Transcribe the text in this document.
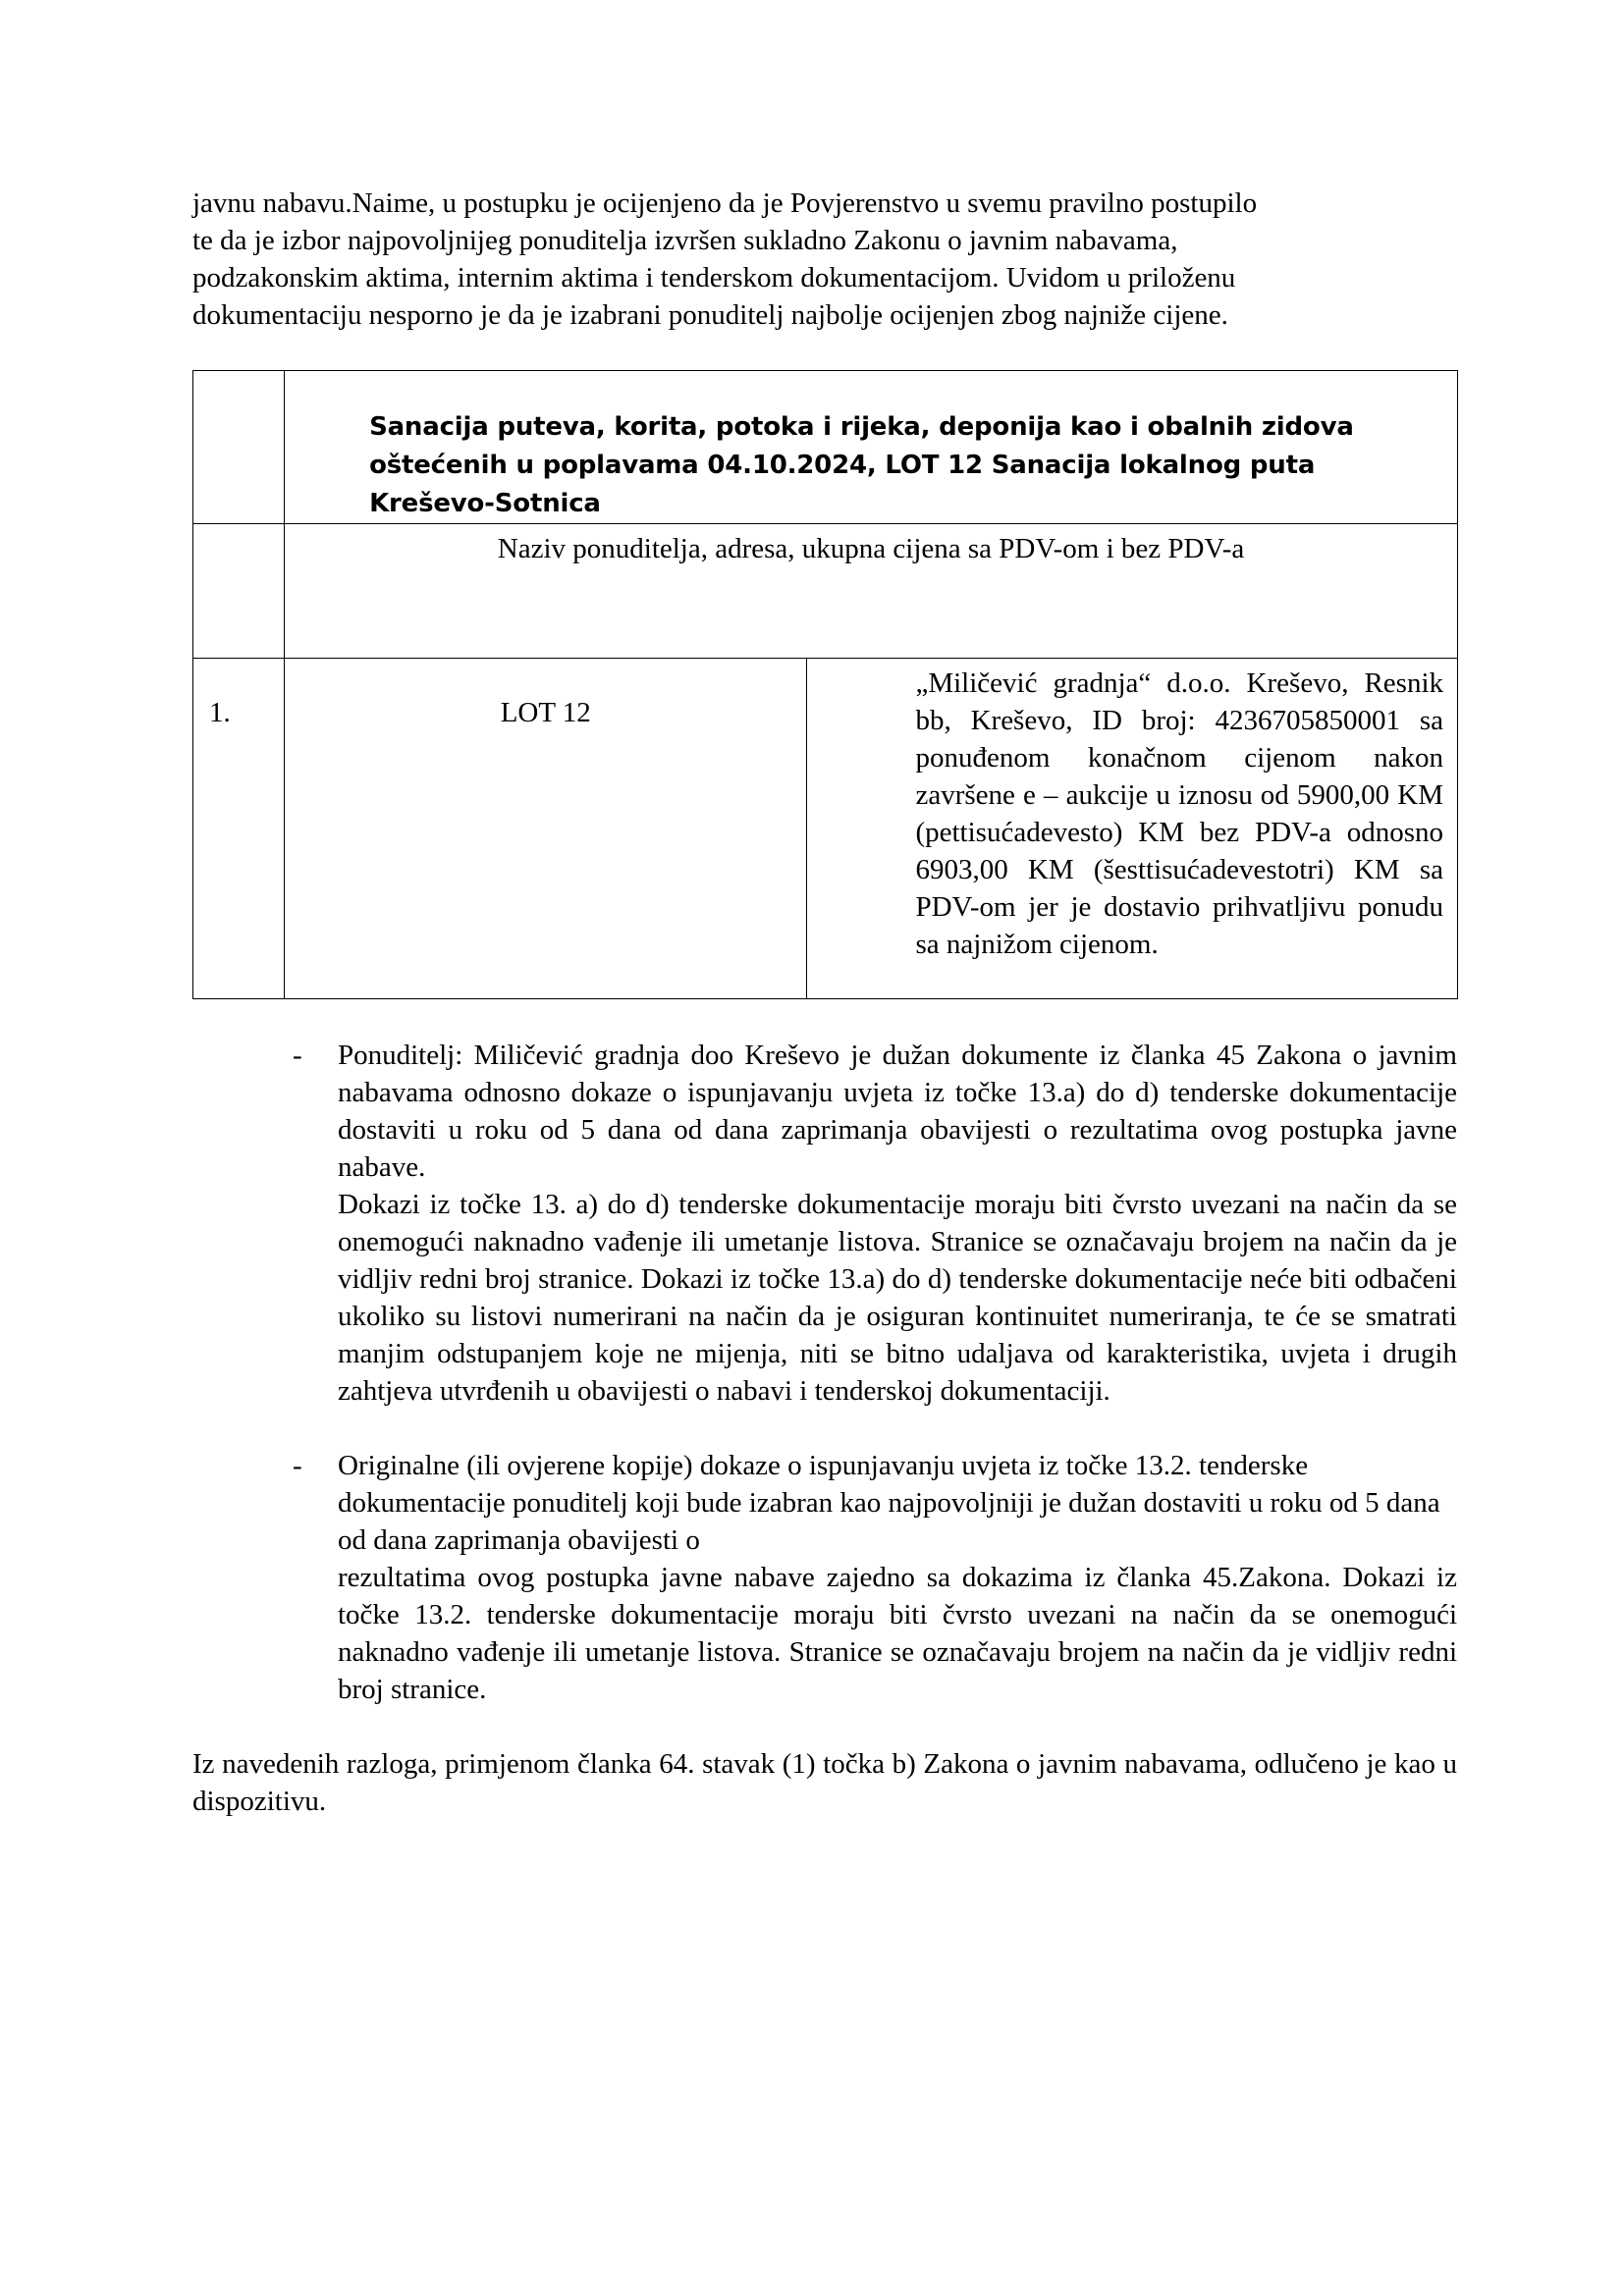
javnu nabavu.Naime, u postupku je ocijenjeno da je Povjerenstvo u svemu pravilno postupilo

te da je izbor najpovoljnijeg ponuditelja izvršen sukladno Zakonu o javnim nabavama,

podzakonskim aktima, internim aktima i tenderskom dokumentacijom. Uvidom u priloženu

dokumentaciju nesporno je da je izabrani ponuditelj najbolje ocijenjen zbog najniže cijene.

	Sanacija puteva, korita, potoka i rijeka, deponija kao i obalnih zidova oštećenih u poplavama 04.10.2024, LOT 12 Sanacija lokalnog puta Kreševo-Sotnica	

	Naziv ponuditelja, adresa, ukupna cijena sa PDV-om i bez PDV-a	
1.	LOT 12	„Miličević gradnja“ d.o.o. Kreševo, Resnik bb, Kreševo, ID broj: 4236705850001 sa ponuđenom konačnom cijenom nakon završene e – aukcije u iznosu od 5900,00 KM (pettisućadevesto) KM bez PDV-a odnosno 6903,00 KM (šesttisućadevestotri) KM sa PDV-om jer je dostavio prihvatljivu ponudu sa najnižom cijenom.
- Ponuditelj: Miličević gradnja doo Kreševo je dužan dokumente iz članka 45 Zakona o javnim nabavama odnosno dokaze o ispunjavanju uvjeta iz točke 13.a) do d) tenderske dokumentacije dostaviti u roku od 5 dana od dana zaprimanja obavijesti o rezultatima ovog postupka javne nabave.

Dokazi iz točke 13. a) do d) tenderske dokumentacije moraju biti čvrsto uvezani na način da se onemogući naknadno vađenje ili umetanje listova. Stranice se označavaju brojem na način da je vidljiv redni broj stranice. Dokazi iz točke 13.a) do d) tenderske dokumentacije neće biti odbačeni ukoliko su listovi numerirani na način da je osiguran kontinuitet numeriranja, te će se smatrati manjim odstupanjem koje ne mijenja, niti se bitno udaljava od karakteristika, uvjeta i drugih zahtjeva utvrđenih u obavijesti o nabavi i tenderskoj dokumentaciji.

- Originalne (ili ovjerene kopije) dokaze o ispunjavanju uvjeta iz točke 13.2. tenderske dokumentacije ponuditelj koji bude izabran kao najpovoljniji je dužan dostaviti u roku od 5 dana od dana zaprimanja obavijesti o

rezultatima ovog postupka javne nabave zajedno sa dokazima iz članka 45.Zakona. Dokazi iz točke 13.2. tenderske dokumentacije moraju biti čvrsto uvezani na način da se onemogući naknadno vađenje ili umetanje listova. Stranice se označavaju brojem na način da je vidljiv redni broj stranice.

Iz navedenih razloga, primjenom članka 64. stavak (1) točka b) Zakona o javnim nabavama, odlučeno je kao u dispozitivu.
